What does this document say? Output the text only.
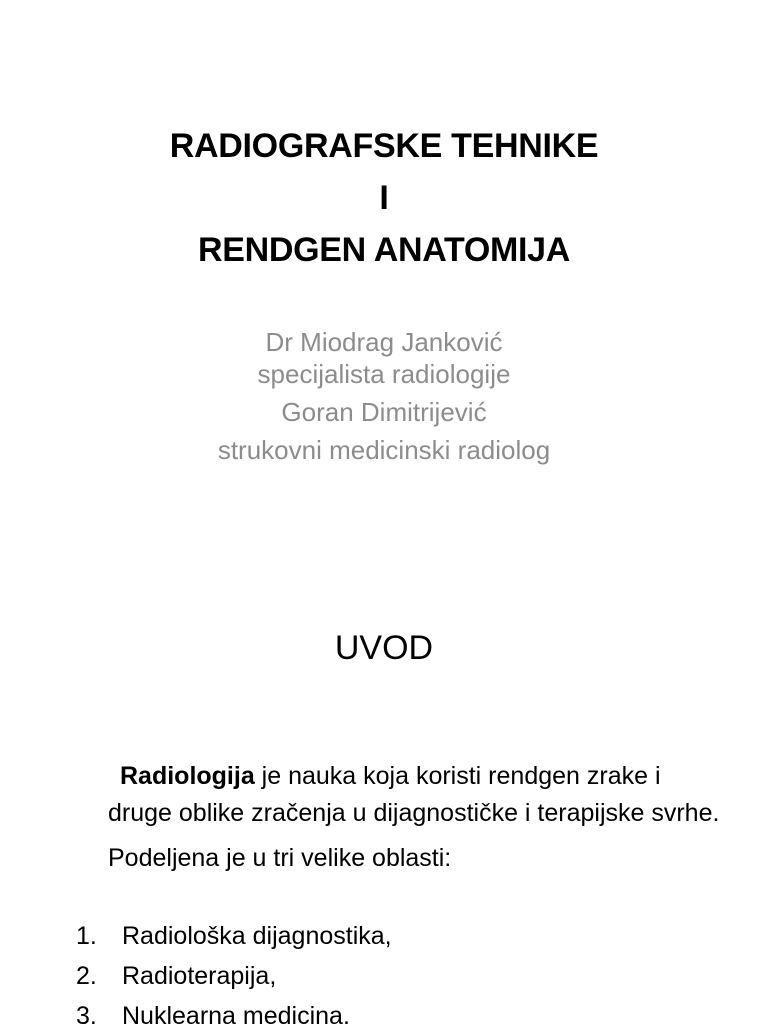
RADIOGRAFSKE TEHNIKE
I
RENDGEN ANATOMIJA
Dr Miodrag Janković
specijalista radiologije
Goran Dimitrijević
strukovni medicinski radiolog
UVOD
Radiologija je nauka koja koristi rendgen zrake i druge oblike zračenja u dijagnostičke i terapijske svrhe.
Podeljena je u tri velike oblasti:
1.	Radiološka dijagnostika,
2.	Radioterapija,
3.	Nuklearna medicina.
